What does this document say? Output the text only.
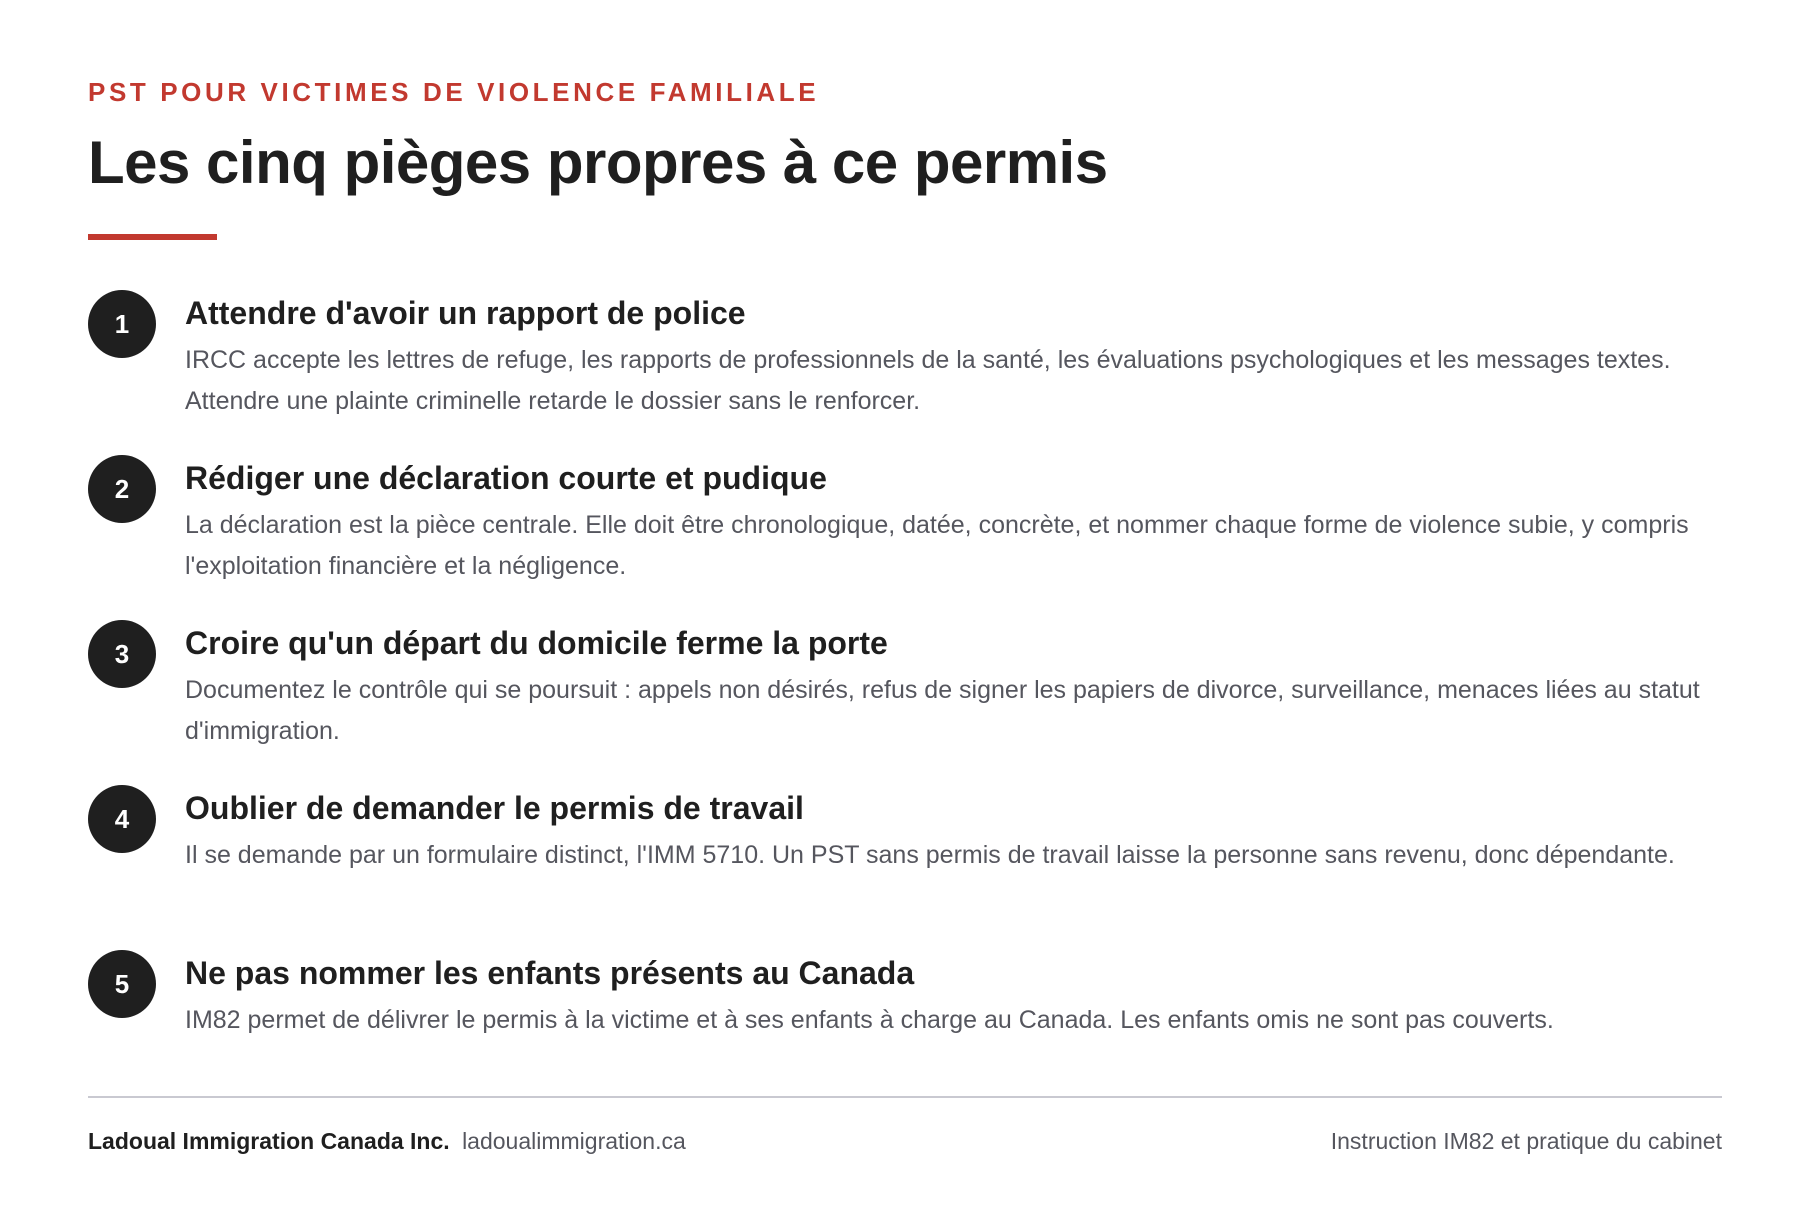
PST POUR VICTIMES DE VIOLENCE FAMILIALE
Les cinq pièges propres à ce permis
1	Attendre d'avoir un rapport de police

IRCC accepte les lettres de refuge, les rapports de professionnels de la santé, les évaluations psychologiques et les messages textes. Attendre une plainte criminelle retarde le dossier sans le renforcer.

2	Rédiger une déclaration courte et pudique

La déclaration est la pièce centrale. Elle doit être chronologique, datée, concrète, et nommer chaque forme de violence subie, y compris l'exploitation financière et la négligence.

3	Croire qu'un départ du domicile ferme la porte

Documentez le contrôle qui se poursuit : appels non désirés, refus de signer les papiers de divorce, surveillance, menaces liées au statut d'immigration.

4	Oublier de demander le permis de travail

Il se demande par un formulaire distinct, l'IMM 5710. Un PST sans permis de travail laisse la personne sans revenu, donc dépendante.

5	Ne pas nommer les enfants présents au Canada

IM82 permet de délivrer le permis à la victime et à ses enfants à charge au Canada. Les enfants omis ne sont pas couverts.

Ladoual Immigration Canada Inc. ladoualimmigration.ca	Instruction IM82 et pratique du cabinet
